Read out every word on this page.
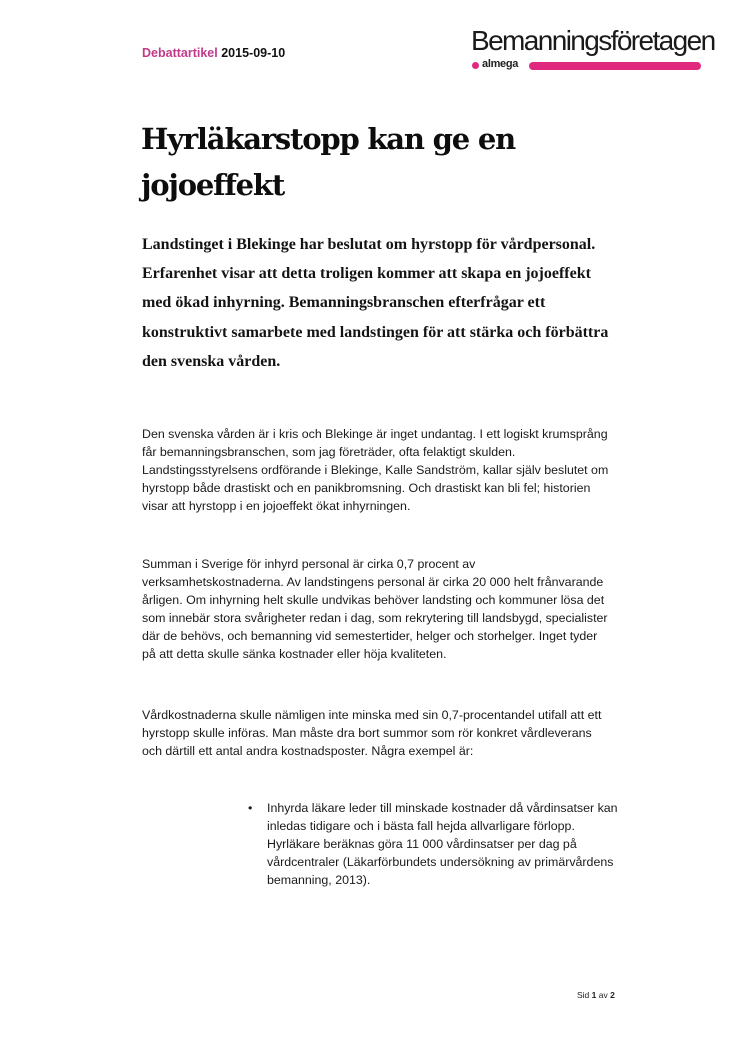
Debattartikel 2015-09-10	Bemanningsföretagen
almega
Hyrläkarstopp kan ge en jojoeffekt

Landstinget i Blekinge har beslutat om hyrstopp för vårdpersonal. Erfarenhet visar att detta troligen kommer att skapa en jojoeffekt med ökad inhyrning. Bemanningsbranschen efterfrågar ett konstruktivt samarbete med landstingen för att stärka och förbättra den svenska vården.

Den svenska vården är i kris och Blekinge är inget undantag. I ett logiskt krumsprång får bemanningsbranschen, som jag företräder, ofta felaktigt skulden. Landstingsstyrelsens ordförande i Blekinge, Kalle Sandström, kallar själv beslutet om hyrstopp både drastiskt och en panikbromsning. Och drastiskt kan bli fel; historien visar att hyrstopp i en jojoeffekt ökat inhyrningen.

Summan i Sverige för inhyrd personal är cirka 0,7 procent av verksamhetskostnaderna. Av landstingens personal är cirka 20 000 helt frånvarande årligen. Om inhyrning helt skulle undvikas behöver landsting och kommuner lösa det som innebär stora svårigheter redan i dag, som rekrytering till landsbygd, specialister där de behövs, och bemanning vid semestertider, helger och storhelger. Inget tyder på att detta skulle sänka kostnader eller höja kvaliteten.

Vårdkostnaderna skulle nämligen inte minska med sin 0,7-procentandel utifall att ett hyrstopp skulle införas. Man måste dra bort summor som rör konkret vårdleverans och därtill ett antal andra kostnadsposter. Några exempel är:

• Inhyrda läkare leder till minskade kostnader då vårdinsatser kan inledas tidigare och i bästa fall hejda allvarligare förlopp. Hyrläkare beräknas göra 11 000 vårdinsatser per dag på vårdcentraler (Läkarförbundets undersökning av primärvårdens bemanning, 2013).
Sid 1 av 2
